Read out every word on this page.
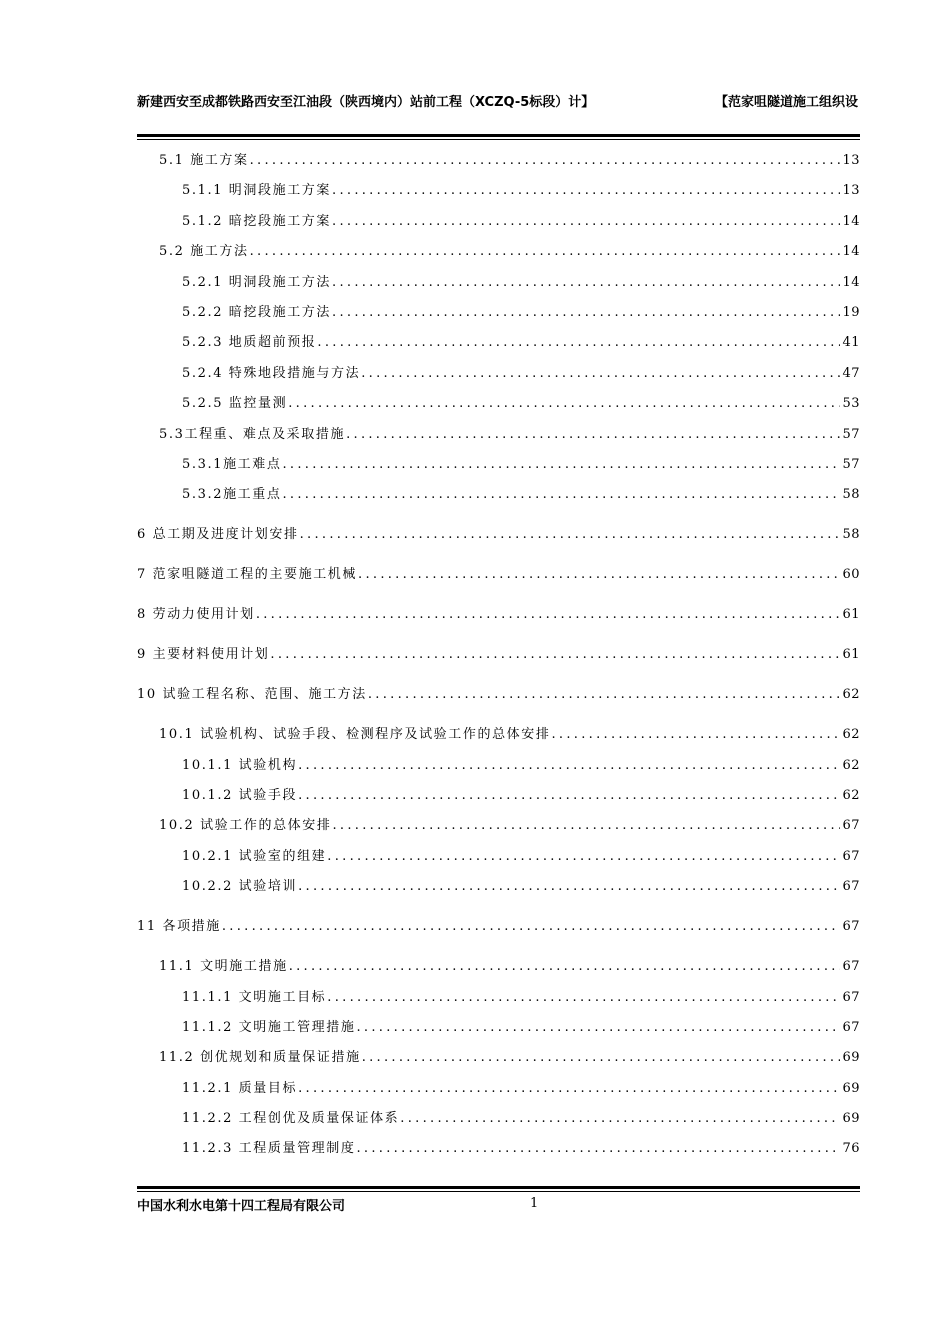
新建西安至成都铁路西安至江油段（陕西境内）站前工程（XCZQ-5标段）计】	【范家咀隧道施工组织设
5.1 施工方案 .....	13
5.1.1 明洞段施工方案 .....	13
5.1.2 暗挖段施工方案 .....	14
5.2 施工方法 .....	14
5.2.1 明洞段施工方法 .....	14
5.2.2 暗挖段施工方法 .....	19
5.2.3 地质超前预报 .....	41
5.2.4 特殊地段措施与方法 .....	47
5.2.5 监控量测 .....	53
5.3工程重、难点及采取措施 .....	57
5.3.1施工难点 .....	57
5.3.2施工重点 .....	58
6 总工期及进度计划安排 .....	58
7 范家咀隧道工程的主要施工机械 .....	60
8 劳动力使用计划 .....	61
9 主要材料使用计划 .....	61
10 试验工程名称、范围、施工方法 .....	62
10.1 试验机构、试验手段、检测程序及试验工作的总体安排 .....	62
10.1.1 试验机构 .....	62
10.1.2 试验手段 .....	62
10.2 试验工作的总体安排 .....	67
10.2.1 试验室的组建 .....	67
10.2.2 试验培训 .....	67
11 各项措施 .....	67
11.1 文明施工措施 .....	67
11.1.1 文明施工目标 .....	67
11.1.2 文明施工管理措施 .....	67
11.2 创优规划和质量保证措施 .....	69
11.2.1 质量目标 .....	69
11.2.2 工程创优及质量保证体系 .....	69
11.2.3 工程质量管理制度 .....	76
中国水利水电第十四工程局有限公司	1
